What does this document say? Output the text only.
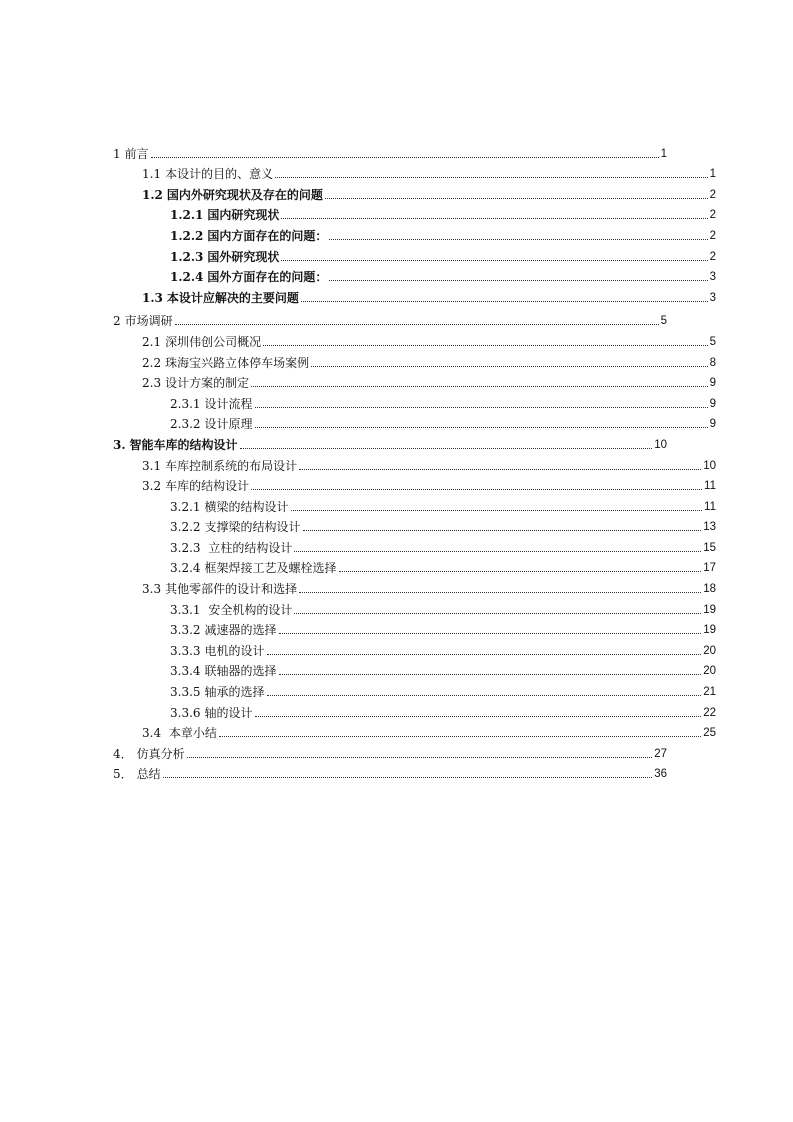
1 前言	1
1.1 本设计的目的、意义	1
1.2 国内外研究现状及存在的问题	2
1.2.1 国内研究现状	2
1.2.2 国内方面存在的问题：	2
1.2.3 国外研究现状	2
1.2.4 国外方面存在的问题：	3
1.3 本设计应解决的主要问题	3
2 市场调研	5
2.1 深圳伟创公司概况	5
2.2 珠海宝兴路立体停车场案例	8
2.3 设计方案的制定	9
2.3.1 设计流程	9
2.3.2 设计原理	9
3. 智能车库的结构设计	10
3.1 车库控制系统的布局设计	10
3.2 车库的结构设计	11
3.2.1 横梁的结构设计	11
3.2.2 支撑梁的结构设计	13
3.2.3 立柱的结构设计	15
3.2.4 框架焊接工艺及螺栓选择	17
3.3 其他零部件的设计和选择	18
3.3.1 安全机构的设计	19
3.3.2 减速器的选择	19
3.3.3 电机的设计	20
3.3.4 联轴器的选择	20
3.3.5 轴承的选择	21
3.3.6 轴的设计	22
3.4 本章小结	25
4． 仿真分析	27
5． 总结	36
